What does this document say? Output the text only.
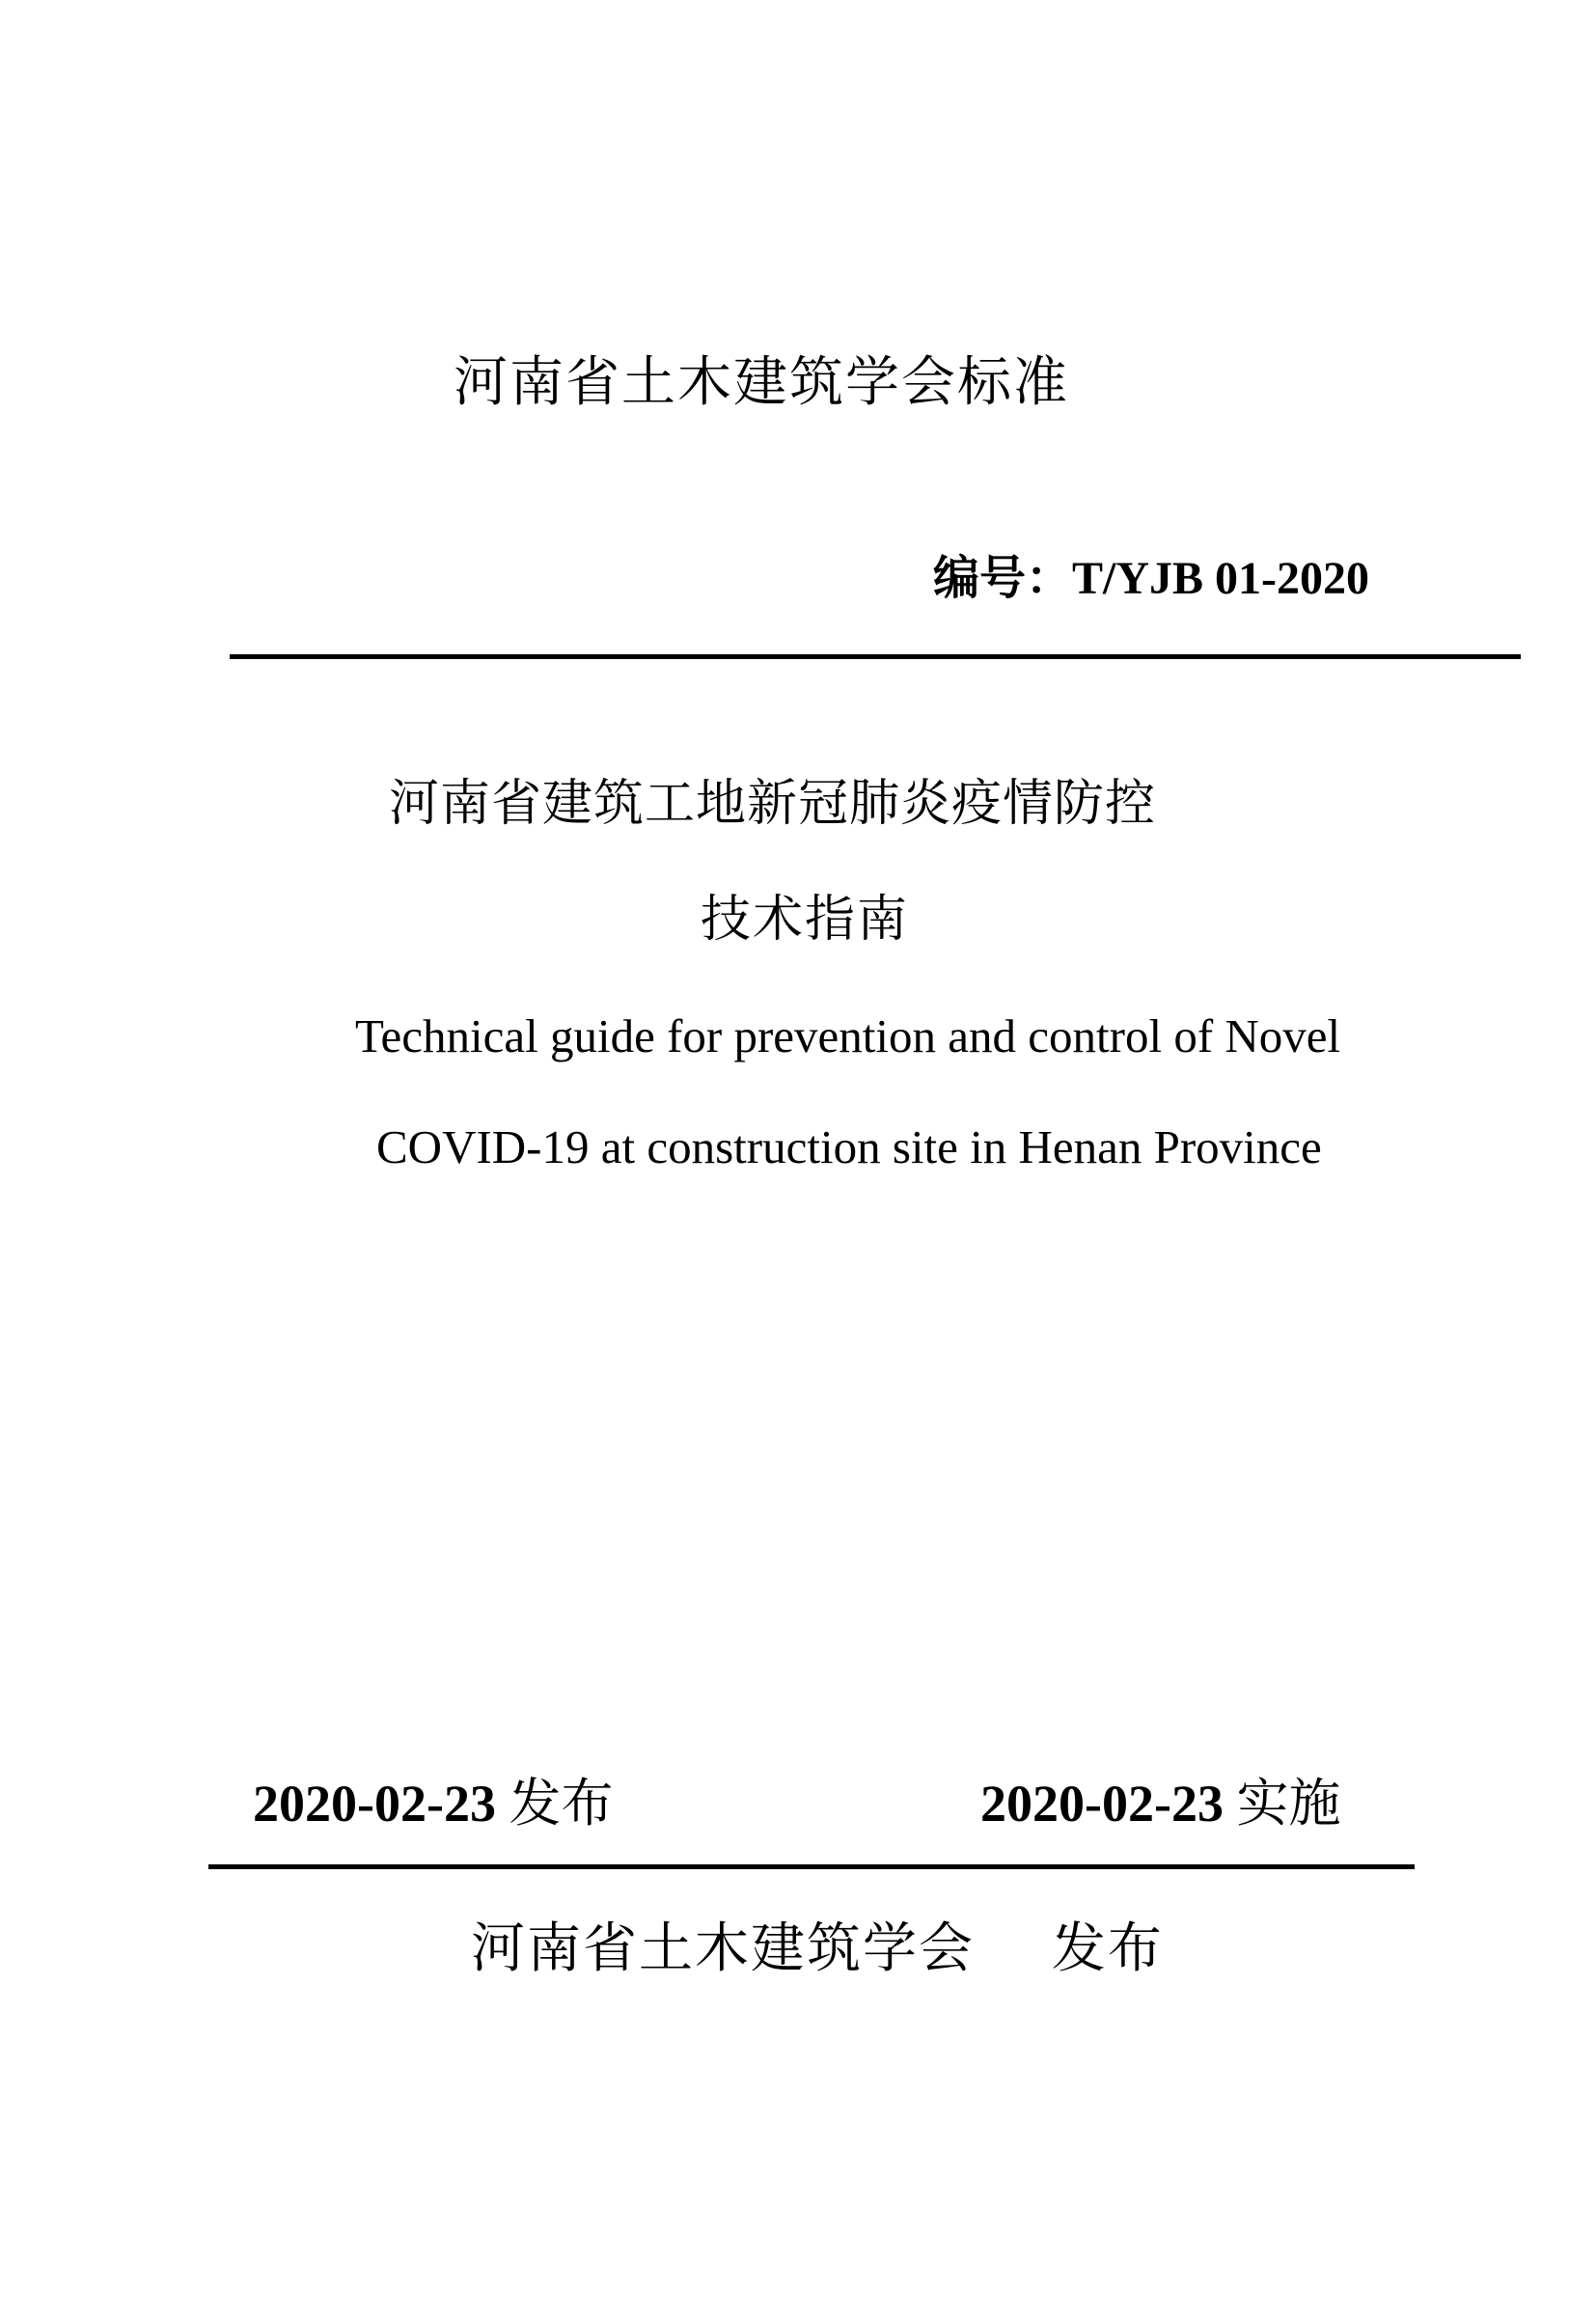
河南省土木建筑学会标准
编号：T/YJB 01-2020
河南省建筑工地新冠肺炎疫情防控
技术指南
Technical guide for prevention and control of Novel
COVID-19 at construction site in Henan Province
2020-02-23 发布	2020-02-23 实施
河南省土木建筑学会 发布
